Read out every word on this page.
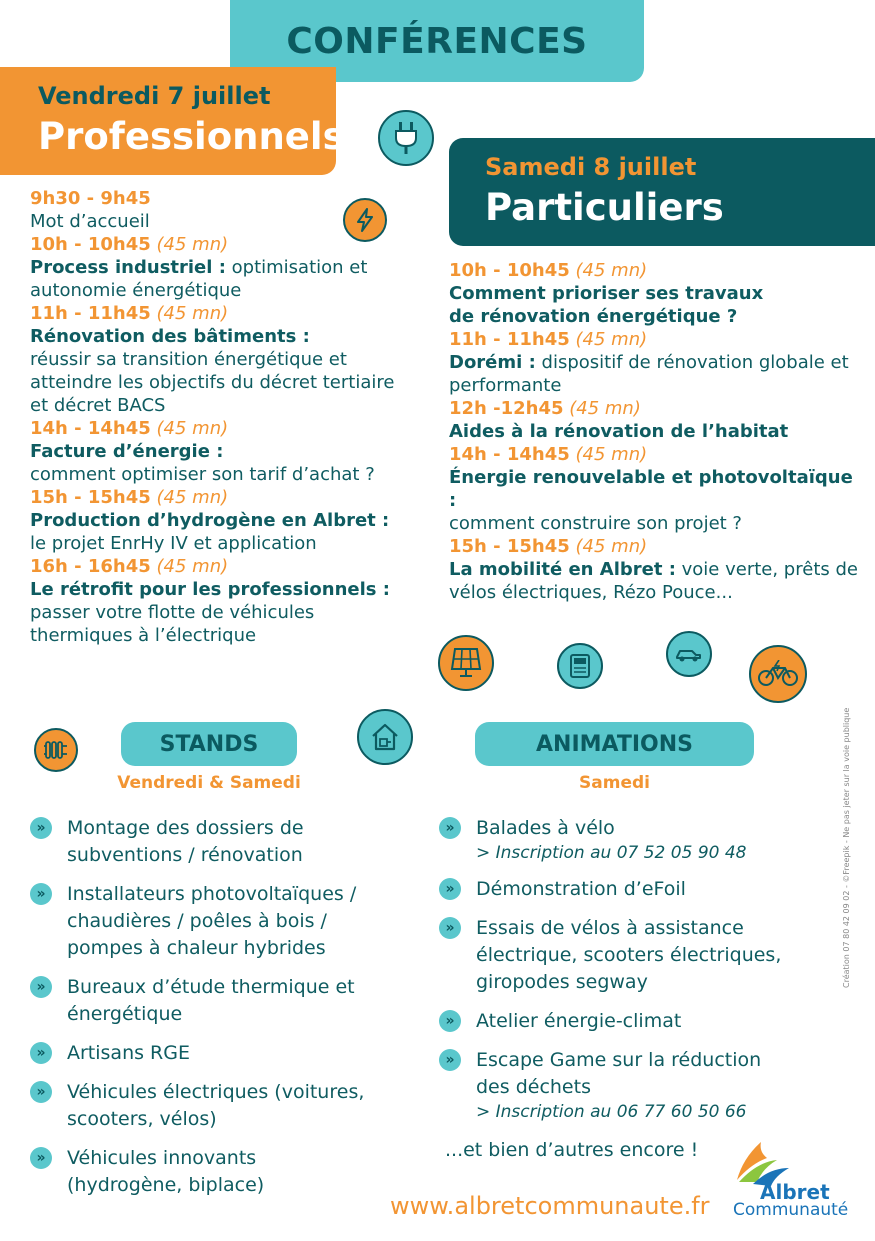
CONFÉRENCES
Vendredi 7 juillet
Professionnels
Samedi 8 juillet
Particuliers
9h30 - 9h45
Mot d’accueil
10h - 10h45 (45 mn)
Process industriel : optimisation et autonomie énergétique
11h - 11h45 (45 mn)
Rénovation des bâtiments :
réussir sa transition énergétique et atteindre les objectifs du décret tertiaire et décret BACS
14h - 14h45 (45 mn)
Facture d’énergie :
comment optimiser son tarif d’achat ?
15h - 15h45 (45 mn)
Production d’hydrogène en Albret :
le projet EnrHy IV et application
16h - 16h45 (45 mn)
Le rétrofit pour les professionnels :
passer votre flotte de véhicules thermiques à l’électrique
10h - 10h45 (45 mn)
Comment prioriser ses travaux de rénovation énergétique ?
11h - 11h45 (45 mn)
Dorémi : dispositif de rénovation globale et performante
12h -12h45 (45 mn)
Aides à la rénovation de l’habitat
14h - 14h45 (45 mn)
Énergie renouvelable et photovoltaïque :
comment construire son projet ?
15h - 15h45 (45 mn)
La mobilité en Albret : voie verte, prêts de vélos électriques, Rézo Pouce...
STANDS
Vendredi & Samedi
»	Montage des dossiers de subventions / rénovation
»	Installateurs photovoltaïques / chaudières / poêles à bois / pompes à chaleur hybrides
»	Bureaux d’étude thermique et énergétique
»	Artisans RGE
»	Véhicules électriques (voitures, scooters, vélos)
»	Véhicules innovants (hydrogène, biplace)
ANIMATIONS
Samedi
»	Balades à vélo
> Inscription au 07 52 05 90 48
»	Démonstration d’eFoil
»	Essais de vélos à assistance électrique, scooters électriques, giropodes segway
»	Atelier énergie-climat
»	Escape Game sur la réduction des déchets
> Inscription au 06 77 60 50 66
...et bien d’autres encore !
Création 07 80 42 09 02 - ©Freepik - Ne pas jeter sur la voie publique
www.albretcommunaute.fr	Albret
Communauté
